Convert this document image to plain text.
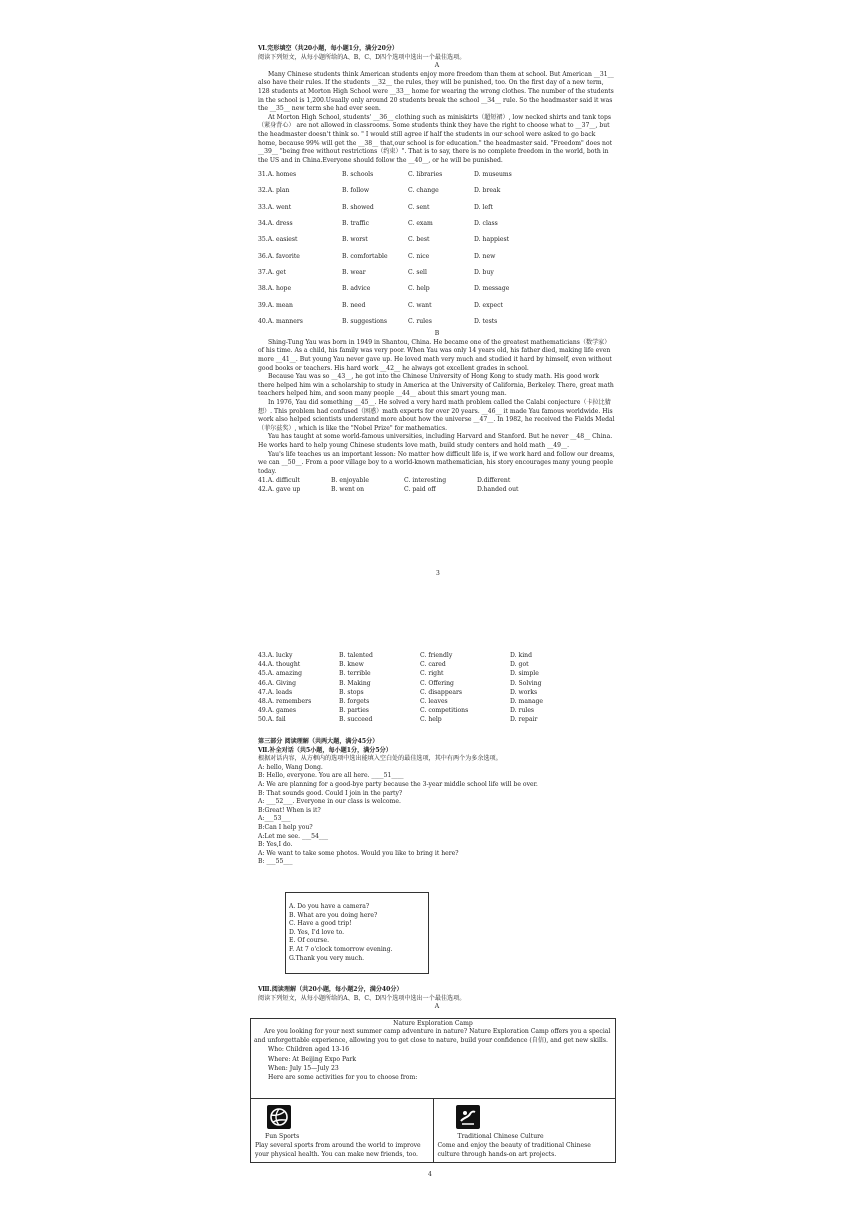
Ⅵ.完形填空（共20小题，每小题1分，满分20分）
阅读下列短文，从每小题所给的A、B、C、D四个选项中选出一个最佳选项。
A

Many Chinese students think American students enjoy more freedom than them at school. But American __31__ also have their rules. If the students __32__ the rules, they will be punished, too. On the first day of a new term, 128 students at Morton High School were __33__ home for wearing the wrong clothes. The number of the students in the school is 1,200.Usually only around 20 students break the school __34__ rule. So the headmaster said it was the __35__ new term she had ever seen.

At Morton High School, students' __36__ clothing such as miniskirts（超短裙）, low necked shirts and tank tops（紧身背心） are not allowed in classrooms. Some students think they have the right to choose what to __37__, but the headmaster doesn't think so. " I would still agree if half the students in our school were asked to go back home, because 99% will get the __38__ that,our school is for education." the headmaster said. "Freedom" does not __39__ "being free without restrictions（约束）". That is to say, there is no complete freedom in the world, both in the US and in China.Everyone should follow the __40__, or he will be punished.

31.A. homes	B. schools	C. libraries	D. museums
32.A. plan	B. follow	C. change	D. break
33.A. went	B. showed	C. sent	D. left
34.A. dress	B. traffic	C. exam	D. class
35.A. easiest	B. worst	C. best	D. happiest
36.A. favorite	B. comfortable	C. nice	D. new
37.A. get	B. wear	C. sell	D. buy
38.A. hope	B. advice	C. help	D. message
39.A. mean	B. need	C. want	D. expect
40.A. manners	B. suggestions	C. rules	D. tests
B

Shing-Tung Yau was born in 1949 in Shantou, China. He became one of the greatest mathematicians（数学家）of his time. As a child, his family was very poor. When Yau was only 14 years old, his father died, making life even more __41__. But young Yau never gave up. He loved math very much and studied it hard by himself, even without good books or teachers. His hard work __42__ he always got excellent grades in school.

Because Yau was so __43__, he got into the Chinese University of Hong Kong to study math. His good work there helped him win a scholarship to study in America at the University of California, Berkeley. There, great math teachers helped him, and soon many people __44__ about this smart young man.

In 1976, Yau did something __45__. He solved a very hard math problem called the Calabi conjecture（卡拉比猜想）. This problem had confused（困惑）math experts for over 20 years. __46__ it made Yau famous worldwide. His work also helped scientists understand more about how the universe __47__. In 1982, he received the Fields Medal（菲尔兹奖）, which is like the "Nobel Prize" for mathematics.

Yau has taught at some world-famous universities, including Harvard and Stanford. But he never __48__ China. He works hard to help young Chinese students love math, build study centers and hold math __49__.

Yau's life teaches us an important lesson: No matter how difficult life is, if we work hard and follow our dreams, we can __50__. From a poor village boy to a world-known mathematician, his story encourages many young people today.

41.A. difficult	B. enjoyable	C. interesting	D.different
42.A. gave up	B. went on	C. paid off	D.handed out
3
43.A. lucky	B. talented	C. friendly	D. kind
44.A. thought	B. knew	C. cared	D. got
45.A. amazing	B. terrible	C. right	D. simple
46.A. Giving	B. Making	C. Offering	D. Solving
47.A. leads	B. stops	C. disappears	D. works
48.A. remembers	B. forgets	C. leaves	D. manage
49.A. games	B. parties	C. competitions	D. rules
50.A. fail	B. succeed	C. help	D. repair
第三部分 阅读理解（共两大题，满分45分）
Ⅶ.补全对话（共5小题，每小题1分，满分5分）
根据对话内容，从方框内的选项中选出能填入空白处的最佳选项，其中有两个为多余选项。
A: hello, Wang Dong.
B: Hello, everyone. You are all here. ____51____
A: We are planning for a good-bye party because the 3-year middle school life will be over.
B: That sounds good. Could I join in the party?
A: ___52___. Everyone in our class is welcome.
B:Great! When is it?
A:___53___
B:Can I help you?
A:Let me see. ___54___
B: Yes,I do.
A: We want to take some photos. Would you like to bring it here?
B: ___55___
A. Do you have a camera?
B. What are you doing here?
C. Have a good trip!
D. Yes, I'd love to.
E. Of course.
F. At 7 o'clock tomorrow evening.
G.Thank you very much.
Ⅷ.阅读理解（共20小题，每小题2分，满分40分）
阅读下列短文，从每小题所给的A、B、C、D四个选项中选出一个最佳选项。
A
Nature Exploration Camp
Are you looking for your next summer camp adventure in nature? Nature Exploration Camp offers you a special and unforgettable experience, allowing you to get close to nature, build your confidence (自信), and get new skills.
Who: Children aged 13-16
Where: At Beijing Expo Park
When: July 15—July 23
Here are some activities for you to choose from:
Fun Sports
Play several sports from around the world to improve your physical health. You can make new friends, too.
Traditional Chinese Culture
Come and enjoy the beauty of traditional Chinese culture through hands-on art projects.
4
